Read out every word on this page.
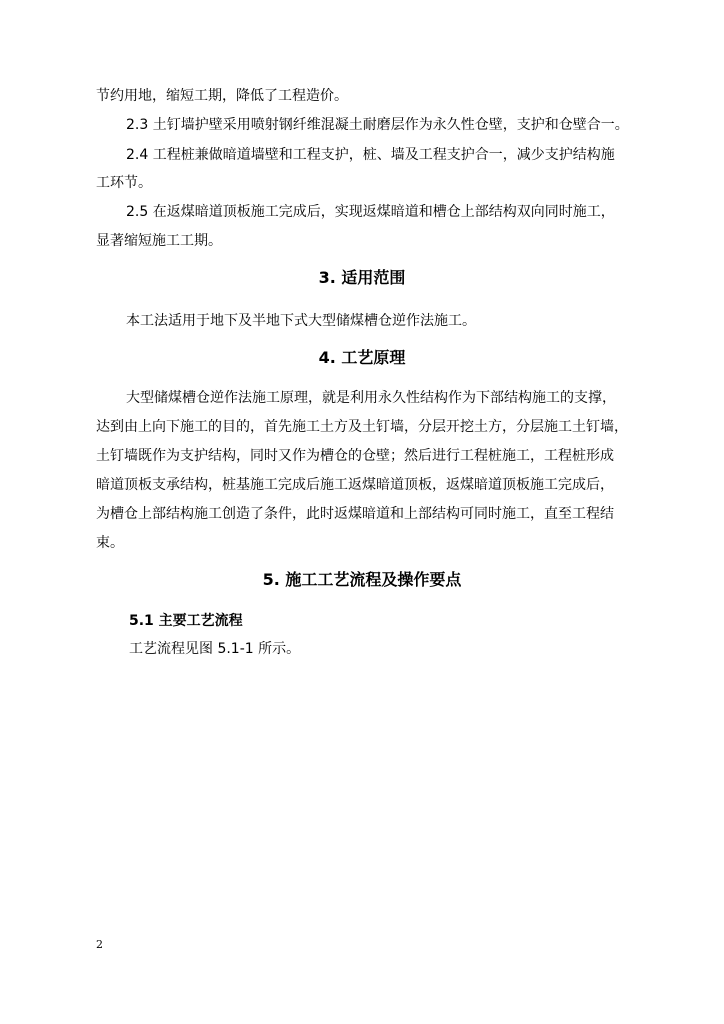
节约用地，缩短工期，降低了工程造价。
2.3 土钉墙护壁采用喷射钢纤维混凝土耐磨层作为永久性仓壁，支护和仓壁合一。
2.4 工程桩兼做暗道墙壁和工程支护，桩、墙及工程支护合一，减少支护结构施
工环节。
2.5 在返煤暗道顶板施工完成后，实现返煤暗道和槽仓上部结构双向同时施工，
显著缩短施工工期。
3. 适用范围
本工法适用于地下及半地下式大型储煤槽仓逆作法施工。
4. 工艺原理
大型储煤槽仓逆作法施工原理，就是利用永久性结构作为下部结构施工的支撑，
达到由上向下施工的目的，首先施工土方及土钉墙，分层开挖土方，分层施工土钉墙，
土钉墙既作为支护结构，同时又作为槽仓的仓壁；然后进行工程桩施工，工程桩形成
暗道顶板支承结构，桩基施工完成后施工返煤暗道顶板，返煤暗道顶板施工完成后，
为槽仓上部结构施工创造了条件，此时返煤暗道和上部结构可同时施工，直至工程结
束。
5. 施工工艺流程及操作要点
5.1 主要工艺流程
工艺流程见图 5.1-1 所示。
2
